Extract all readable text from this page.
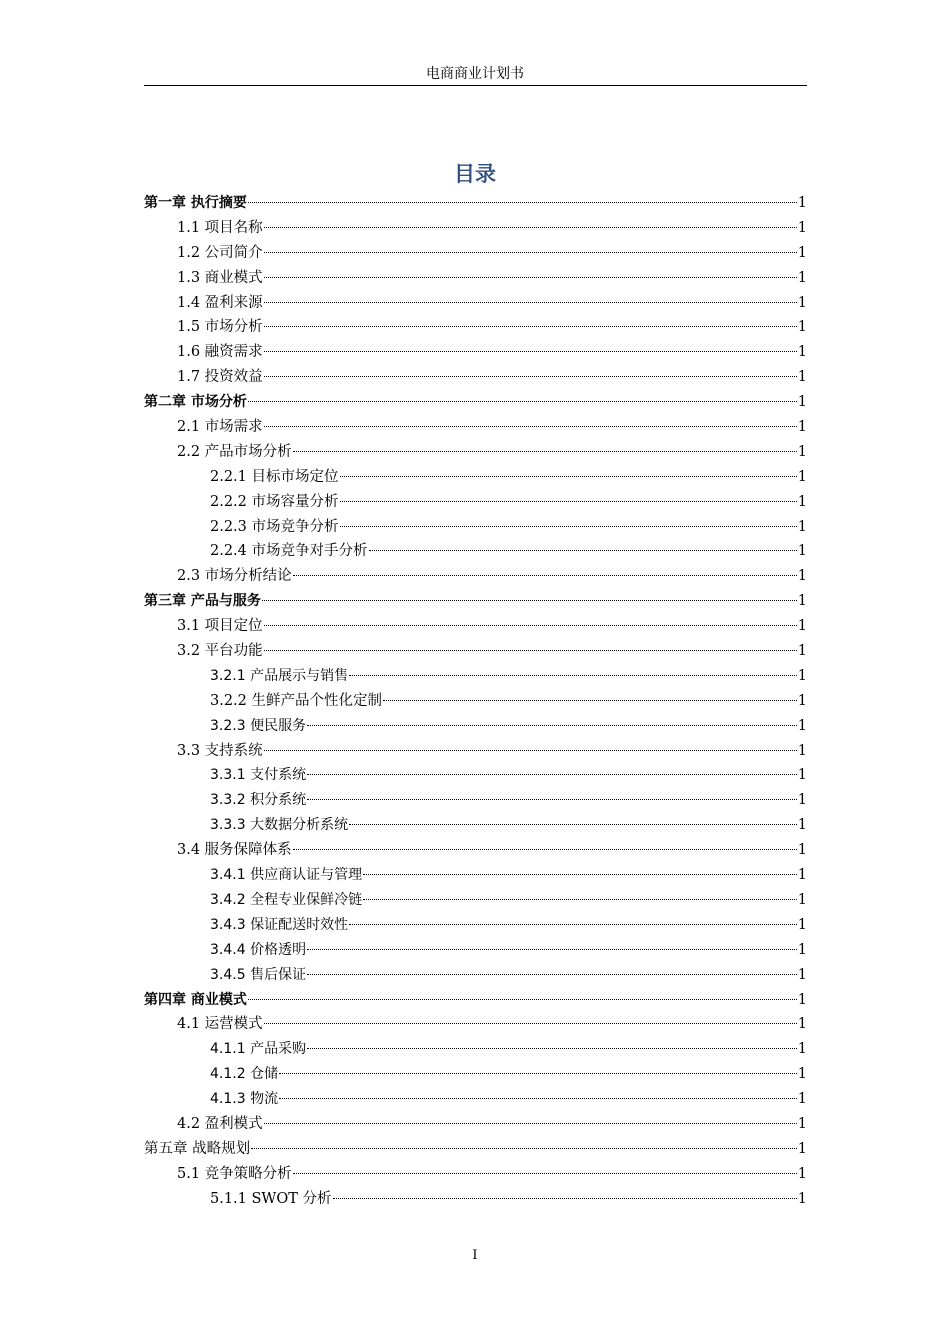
电商商业计划书
目录
第一章 执行摘要	1
1.1 项目名称	1
1.2 公司简介	1
1.3 商业模式	1
1.4 盈利来源	1
1.5 市场分析	1
1.6 融资需求	1
1.7 投资效益	1
第二章 市场分析	1
2.1 市场需求	1
2.2 产品市场分析	1
2.2.1 目标市场定位	1
2.2.2 市场容量分析	1
2.2.3 市场竞争分析	1
2.2.4 市场竞争对手分析	1
2.3 市场分析结论	1
第三章 产品与服务	1
3.1 项目定位	1
3.2 平台功能	1
3.2.1 产品展示与销售	1
3.2.2 生鲜产品个性化定制	1
3.2.3 便民服务	1
3.3 支持系统	1
3.3.1 支付系统	1
3.3.2 积分系统	1
3.3.3 大数据分析系统	1
3.4 服务保障体系	1
3.4.1 供应商认证与管理	1
3.4.2 全程专业保鲜冷链	1
3.4.3 保证配送时效性	1
3.4.4 价格透明	1
3.4.5 售后保证	1
第四章 商业模式	1
4.1 运营模式	1
4.1.1 产品采购	1
4.1.2 仓储	1
4.1.3 物流	1
4.2 盈利模式	1
第五章 战略规划	1
5.1 竞争策略分析	1
5.1.1 SWOT 分析	1
I
